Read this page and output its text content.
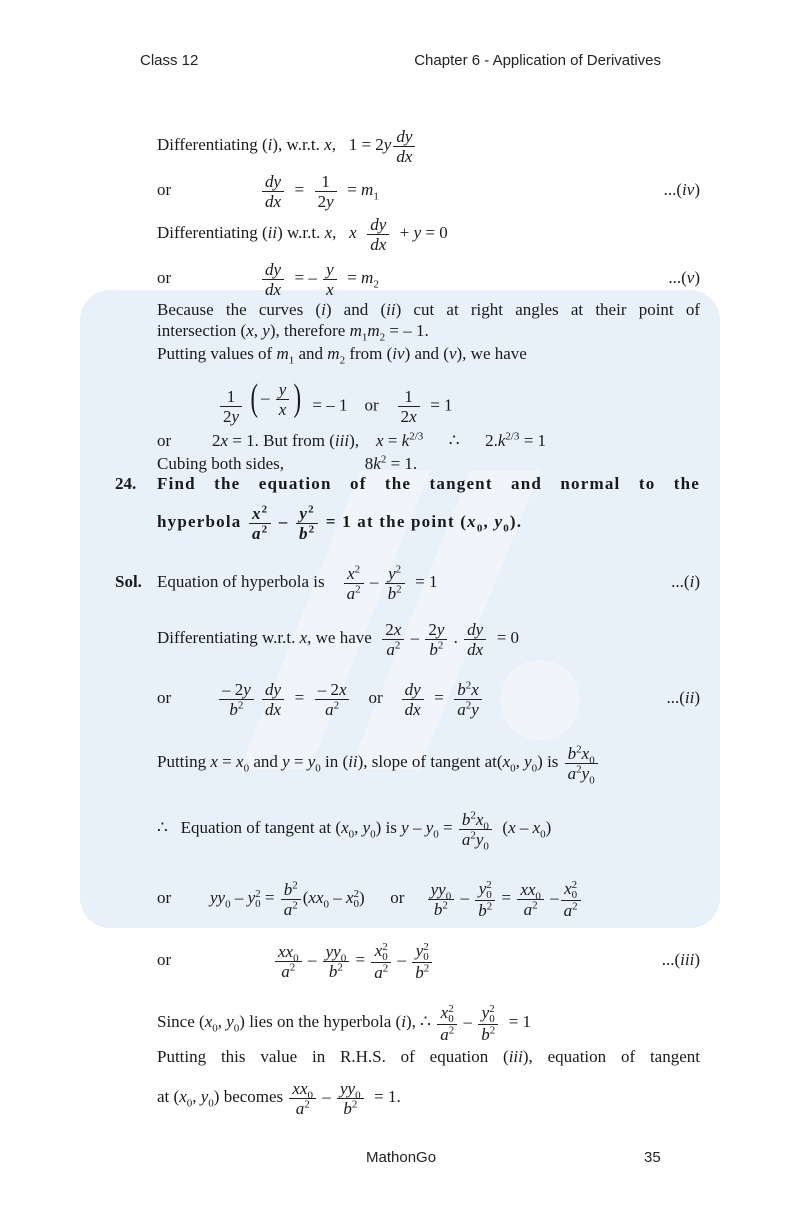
Class 12	Chapter 6 - Application of Derivatives
Differentiating (i), w.r.t. x,   $1 = 2y \frac{dy}{dx}$
or	$\frac{dy}{dx} = \frac{1}{2y} = m_1$	...(iv)
Differentiating (ii) w.r.t. x,   x $\frac{dy}{dx} + y = 0$
or	$\frac{dy}{dx}$ = – $\frac{y}{x} = m_2$	...(v)
Because the curves (i) and (ii) cut at right angles at their point of
intersection (x, y), therefore $m_1m_2$ = – 1.
Putting values of $m_1$ and $m_2$ from (iv) and (v), we have
$\frac{1}{2y}$
( – $\frac{y}{x}$ ) = – 1    or $\frac{1}{2x} = 1$
or 2x = 1. But from (iii),    $x = k^{2/3}$      ∴      $2.k^{2/3} = 1$
Cubing both sides,                   $8k^2 = 1$.
24. Find the equation of the tangent and normal to the
hyperbola $\frac{x^2}{a^2} - \frac{y^2}{b^2} = 1$ at the point ($x_0$, $y_0$).
Sol. Equation of hyperbola is $\frac{x^2}{a^2} - \frac{y^2}{b^2} = 1$	...(i)
Differentiating w.r.t. x, we have $\frac{2x}{a^2} - \frac{2y}{b^2}$ . $\frac{dy}{dx} = 0$
or	$\frac{- 2y}{b^2}$
$\frac{dy}{dx} = \frac{- 2x}{a^2}$ or $\frac{dy}{dx} = \frac{b^2x}{a^2y}$	...(ii)
Putting $x = x_0$ and $y = y_0$ in (ii), slope of tangent $at(x_0$, $y_0$) is $\frac{b^2x_0}{a^2y_0}$
∴   Equation of tangent at ($x_0$, $y_0$) is $y - y_0 = \frac{b^2x_0}{a^2y_0} (x - x_0)$
or $yy_0$ – y 2
$0 = \frac{b^2}{a^2} (xx_0 - x$ 2
0 )      or $\frac{yy_0}{b^2}$ – y 2
0
$b^2 = \frac{xx_0}{a^2} - x$ 2
0
$a^2$
or	$\frac{xx_0}{a^2} - \frac{yy_0}{b^2} = x$ 2
0
$a^2$ – y 2
0
$b^2$	...(iii)
Since ($x_0$, $y_0$) lies on the hyperbola (i), ∴ x 2
0
$a^2$ – y 2
0
$b^2 = 1$
Putting this value in R.H.S. of equation (iii), equation of tangent
at ($x_0$, $y_0$) becomes $\frac{xx_0}{a^2} - \frac{yy_0}{b^2} = 1$.
MathonGo	35
